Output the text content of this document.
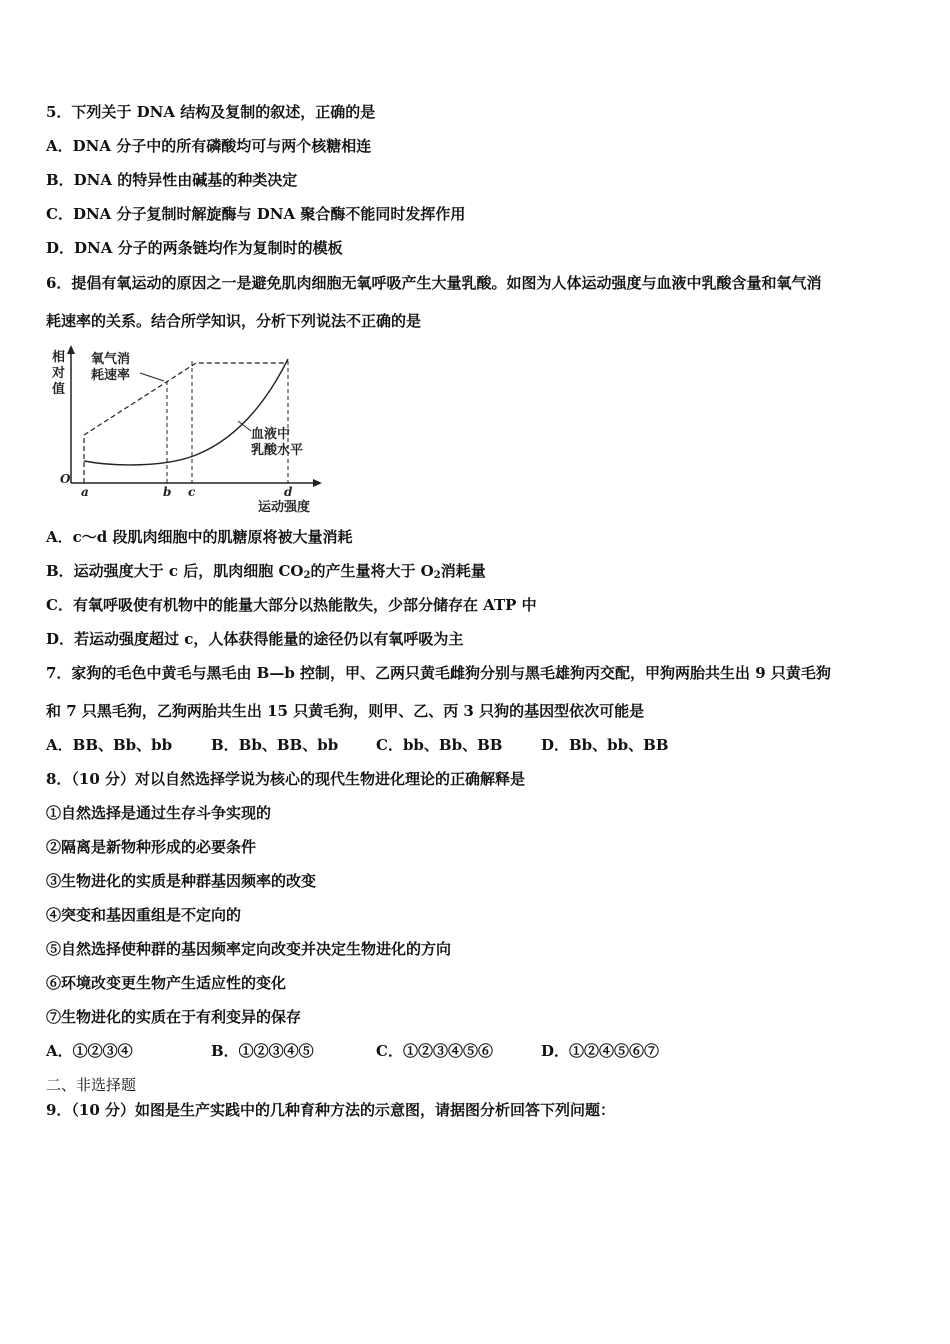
5．下列关于 DNA 结构及复制的叙述，正确的是
A．DNA 分子中的所有磷酸均可与两个核糖相连
B．DNA 的特异性由碱基的种类决定
C．DNA 分子复制时解旋酶与 DNA 聚合酶不能同时发挥作用
D．DNA 分子的两条链均作为复制时的模板
6．提倡有氧运动的原因之一是避免肌肉细胞无氧呼吸产生大量乳酸。如图为人体运动强度与血液中乳酸含量和氧气消
耗速率的关系。结合所学知识，分析下列说法不正确的是
相
对
值
氧气消
耗速率
血液中
乳酸水平
O
a	b c	d
运动强度
A．c～d 段肌肉细胞中的肌糖原将被大量消耗
B．运动强度大于 c 后，肌肉细胞 $CO_2$的产生量将大于 $O_2$消耗量
C．有氧呼吸使有机物中的能量大部分以热能散失，少部分储存在 ATP 中
D．若运动强度超过 c，人体获得能量的途径仍以有氧呼吸为主
7．家狗的毛色中黄毛与黑毛由 B—b 控制，甲、乙两只黄毛雌狗分别与黑毛雄狗丙交配，甲狗两胎共生出 9 只黄毛狗
和 7 只黑毛狗，乙狗两胎共生出 15 只黄毛狗，则甲、乙、丙 3 只狗的基因型依次可能是
A．BB、Bb、bb	B．Bb、BB、bb	C．bb、Bb、BB	D．Bb、bb、BB
8．（10 分）对以自然选择学说为核心的现代生物进化理论的正确解释是
①自然选择是通过生存斗争实现的
②隔离是新物种形成的必要条件
③生物进化的实质是种群基因频率的改变
④突变和基因重组是不定向的
⑤自然选择使种群的基因频率定向改变并决定生物进化的方向
⑥环境改变更生物产生适应性的变化
⑦生物进化的实质在于有利变异的保存
A．①②③④	B．①②③④⑤	C．①②③④⑤⑥	D．①②④⑤⑥⑦
二、非选择题
9．（10 分）如图是生产实践中的几种育种方法的示意图，请据图分析回答下列问题：
